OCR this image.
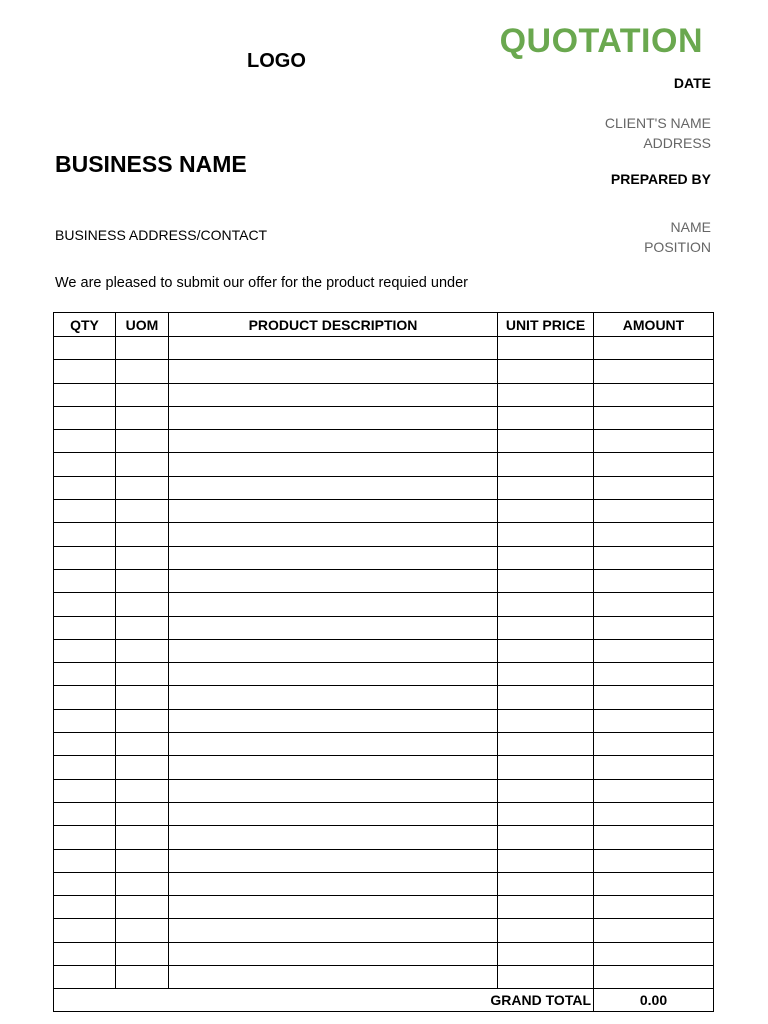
LOGO
QUOTATION
DATE
CLIENT'S NAME
ADDRESS
BUSINESS NAME
PREPARED BY
NAME
POSITION
BUSINESS ADDRESS/CONTACT
We are pleased to submit our offer for the product requied under
QTY	UOM	PRODUCT DESCRIPTION	UNIT PRICE	AMOUNT

GRAND TOTAL				0.00
